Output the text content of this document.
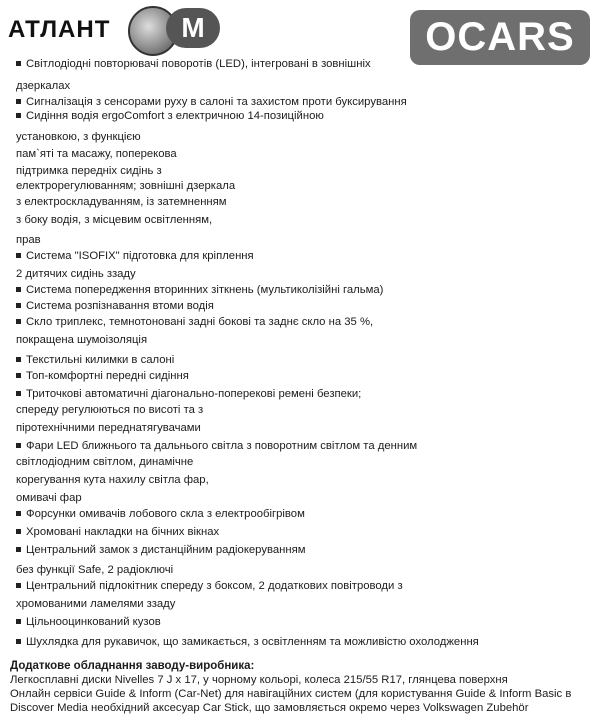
АТЛАНТ	M	OCARS
Світлодіодні повторювачі поворотів (LED), інтегровані в зовнішніх
дзеркалах
Сигналізація з сенсорами руху в салоні та захистом проти буксирування
Сидіння водія ergoComfort з електричною 14-позиційною
установкою, з функцією
пам`яті та масажу, поперекова
підтримка передніх сидінь з
електрорегулюванням; зовнішні дзеркала
з електроскладуванням, із затемненням
з боку водія, з місцевим освітленням,
прав
Система "ISOFIX" підготовка для кріплення
2 дитячих сидінь ззаду
Система попередження вторинних зіткнень (мультиколізійні гальма)
Система розпізнавання втоми водія
Скло триплекс, темнотоновані задні бокові та заднє скло на 35 %,
покращена шумоізоляція
Текстильні килимки в салоні
Топ-комфортні передні сидіння
Триточкові автоматичні діагонально-поперекові ремені безпеки;
спереду регулюються по висоті та з
піротехнічними переднатягувачами
Фари LED ближнього та дальнього світла з поворотним світлом та денним
світлодіодним світлом, динамічне
корегування кута нахилу світла фар,
омивачі фар
Форсунки омивачів лобового скла з електрообігрівом
Хромовані накладки на бічних вікнах
Центральний замок з дистанційним радіокеруванням
без функції Safe, 2 радіоключі
Центральний підлокітник спереду з боксом, 2 додаткових повітроводи з
хромованими ламелями ззаду
Цільнооцинкований кузов
Шухлядка для рукавичок, що замикається, з освітленням та можливістю охолодження
Додаткове обладнання заводу-виробника:
Легкосплавні диски Nivelles 7 J x 17, у чорному кольорі, колеса 215/55 R17, глянцева поверхня
Онлайн сервіси Guide & Inform (Car-Net) для навігаційних систем (для користування Guide & Inform Basic в
Discover Media необхідний аксесуар Car Stick, що замовляється окремо через Volkswagen Zubehör
